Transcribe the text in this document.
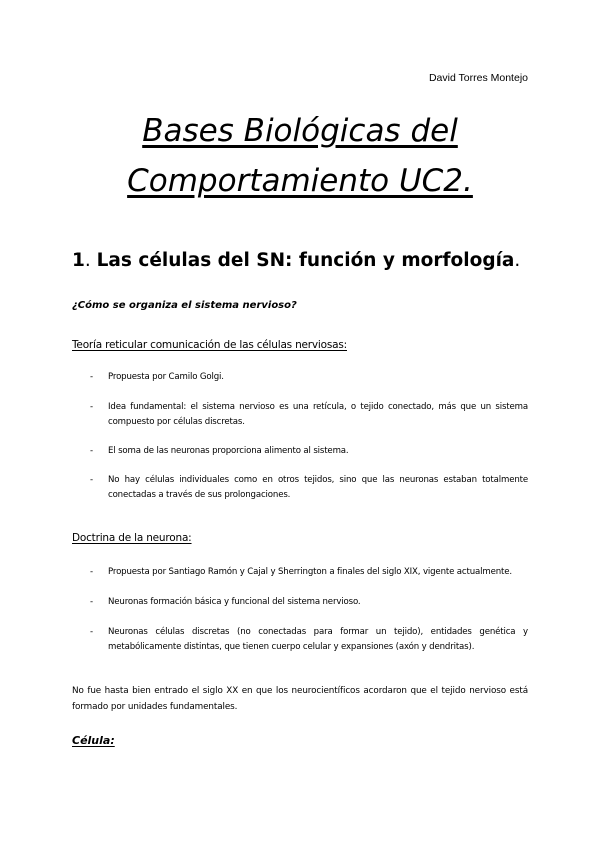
David Torres Montejo
Bases Biológicas del
Comportamiento UC2.
1. Las células del SN: función y morfología.
¿Cómo se organiza el sistema nervioso?
Teoría reticular comunicación de las células nerviosas:
- Propuesta por Camilo Golgi.
- Idea fundamental: el sistema nervioso es una retícula, o tejido conectado, más que un sistema compuesto por células discretas.
- El soma de las neuronas proporciona alimento al sistema.
- No hay células individuales como en otros tejidos, sino que las neuronas estaban totalmente conectadas a través de sus prolongaciones.
Doctrina de la neurona:
- Propuesta por Santiago Ramón y Cajal y Sherrington a finales del siglo XIX, vigente actualmente.
- Neuronas formación básica y funcional del sistema nervioso.
- Neuronas células discretas (no conectadas para formar un tejido), entidades genética y metabólicamente distintas, que tienen cuerpo celular y expansiones (axón y dendritas).

No fue hasta bien entrado el siglo XX en que los neurocientíficos acordaron que el tejido nervioso está formado por unidades fundamentales.

Célula:
